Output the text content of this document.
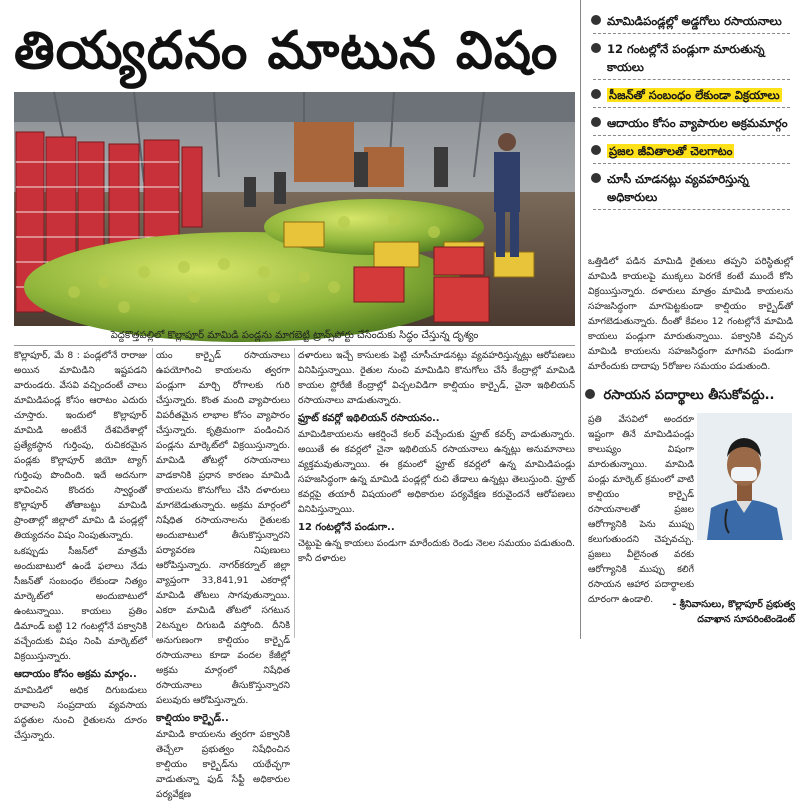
తియ్యదనం మాటున విషం
పెద్దకొత్తపల్లిలో కొల్లాపూర్ మామిడి పండ్లను మాగబెట్టి ట్రాన్స్‌పోర్టు చేసేందుకు సిద్ధం చేస్తున్న దృశ్యం

కొల్లాపూర్, మే 8 : పండ్లలోనే రారాజు అయిన మామిడిని ఇష్టపడని వారుండరు. వేసవి వచ్చిందంటే చాలు మామిడిపండ్ల కోసం ఆరాటం ఎదురు చూస్తారు. ఇందులో కొల్లాపూర్ మామిడి అంటేనే దేశవిదేశాల్లో ప్రత్యేకస్థాన గుర్తింపు, రుచికరమైన పండ్లకు కొల్లాపూర్ జియో ట్యాగ్ గుర్తింపు పొందింది. ఇదే అదనుగా భావించిన కొందరు స్వార్థంతో కొల్లాపూర్ తోతాబట్టు మామిడి ప్రాంతాల్లో జిల్లాలో మామి డి పండ్లల్లో తియ్యదనం విషం నింపుతున్నారు.

ఒకప్పుడు సీజన్‌లో మాత్రమే అందుబాటులో ఉండే ఫలాలు నేడు సీజన్‌తో సంబంధం లేకుండా నిత్యం మార్కెట్‌లో అందుబాటులో ఉంటున్నాయి. కాయలు ప్రతిం డిమాండ్ బట్టి 12 గంటల్లోనే పక్వానికి వచ్చేందుకు విషం నింపి మార్కెట్‌లో విక్రయిస్తున్నారు.

ఆదాయం కోసం అక్రమ మార్గం..

మామిడిలో అధిక దిగుబడులు రావాలని సంప్రదాయ వ్యవసాయ పద్ధతుల నుంచి రైతులను దూరం చేస్తున్నారు.

యం కార్బైడ్ రసాయనాలు ఉపయోగించి కాయలను త్వరగా పండ్లుగా మార్చి రోగాలకు గురి చేస్తున్నారు. కొంత మంది వ్యాపారులు విపరీతమైన లాభాల కోసం వ్యాపారం చేస్తున్నారు. కృత్రిమంగా పండించిన పండ్లను మార్కెట్‌లో విక్రయిస్తున్నారు. మామిడి తోటల్లో రసాయనాలు వాడకానికి ప్రధాన కారణం మామిడి కాయలను కొనుగోలు చేసి దళారులు మాగబెడుతున్నారు. అక్రమ మార్గంలో నిషేధిత రసాయనాలను రైతులకు అందుబాటులో తీసుకొస్తున్నారని పర్యావరణ నిపుణులు ఆరోపిస్తున్నారు. నాగర్‌కర్నూల్ జిల్లా వ్యాప్తంగా 33,841,91 ఎకరాల్లో మామిడి తోటలు సాగవుతున్నాయి. ఎకరా మామిడి తోటలో సగటున 2టన్నుల దిగుబడి వస్తోంది. దీనికి అనుగుణంగా కాల్షియం కార్బైడ్ రసాయనాలు కూడా వందల కేజీల్లో అక్రమ మార్గంలో నిషేధిత రసాయనాలు తీసుకొస్తున్నారని పలువురు ఆరోపిస్తున్నారు.

కాల్షియం కార్బైడ్..

మామిడి కాయలను త్వరగా పక్వానికి తెచ్చేలా ప్రభుత్వం నిషేధించిన కాల్షియం కార్బైడ్‌ను యథేచ్ఛగా వాడుతున్నా ఫుడ్ సేఫ్టీ అధికారుల పర్యవేక్షణ

దళారులు ఇచ్చే కాసులకు పెట్టి చూసీచూడనట్లు వ్యవహరిస్తున్నట్లు ఆరోపణలు వినిపిస్తున్నాయి. రైతుల నుంచి మామిడిని కొనుగోలు చేసే కేంద్రాల్లో మామిడి కాయల స్టోరేజీ కేంద్రాల్లో విచ్చలవిడిగా కాల్షియం కార్బైడ్, చైనా ఇథిలియన్ రసాయనాలు వాడుతున్నారు.

ఫ్రూట్ కవర్లో ఇథిలియన్ రసాయనం..

మామిడికాయలను ఆకర్షించే కలర్ వచ్చేందుకు ఫ్రూట్ కవర్స్ వాడుతున్నారు. అయితే ఈ కవర్లలో చైనా ఇథిలియన్ రసాయనాలు ఉన్నట్లు అనుమానాలు వ్యక్తమవుతున్నాయి. ఈ క్రమంలో ఫ్రూట్ కవర్లలో ఉన్న మామిడిపండ్లు సహజసిద్ధంగా ఉన్న మామిడి పండ్లల్లో రుచి తేడాలు ఉన్నట్లు తెలుస్తుంది. ఫ్రూట్ కవర్లపై తయారీ విషయంలో అధికారుల పర్యవేక్షణ కరువైందనే ఆరోపణలు వినిపిస్తున్నాయి.

12 గంటల్లోనే పండుగా..

చెట్టుపై ఉన్న కాయలు పండుగా మారేందుకు రెండు నెలల సమయం పడుతుంది. కానీ దళారుల

మామిడిపండ్లల్లో అడ్డగోలు రసాయనాలు
12 గంటల్లోనే పండ్లుగా మారుతున్న కాయలు
సీజన్‌తో సంబంధం లేకుండా విక్రయాలు
ఆదాయం కోసం వ్యాపారుల అక్రమమార్గం
ప్రజల జీవితాలతో చెలగాటం
చూసీ చూడనట్లు వ్యవహరిస్తున్న అధికారులు

ఒత్తిడిలో పడిన మామిడి రైతులు తప్పని పరిస్థితుల్లో మామిడి కాయలపై ముక్కలు పెరగకే కంటే ముందే కోసి విక్రయిస్తున్నారు. దళారులు మాత్రం మామిడి కాయలను సహజసిద్ధంగా మాగపెట్టకుండా కాల్షియం కార్బైడ్‌తో మాగబెడుతున్నారు. దీంతో కేవలం 12 గంటల్లోనే మామిడి కాయలు పండ్లుగా మారుతున్నాయి. పక్వానికి వచ్చిన మామిడి కాయలను సహజసిద్ధంగా మాగినవి పండుగా మారేందుకు దాదాపు 5రోజుల సమయం పడుతుంది.

రసాయన పదార్థాలు తీసుకోవద్దు..

ప్రతి వేసవిలో అందరూ ఇష్టంగా తినే మామిడిపండ్లు కాలుష్యం విషంగా మారుతున్నాయి. మామిడి పండ్లు మార్కెట్ క్రమంలో వాటి కాల్షియం కార్బైడ్ రసాయనాలతో ప్రజల ఆరోగ్యానికి పెను ముప్పు కలుగుతుందని చెప్పవచ్చు. ప్రజలు వీలైనంత వరకు ఆరోగ్యానికి ముప్పు కలిగే రసాయన ఆహార పదార్థాలకు దూరంగా ఉండాలి.	- శ్రీనివాసులు, కొల్లాపూర్ ప్రభుత్వ
దవాఖాన సూపరింటెండెంట్
